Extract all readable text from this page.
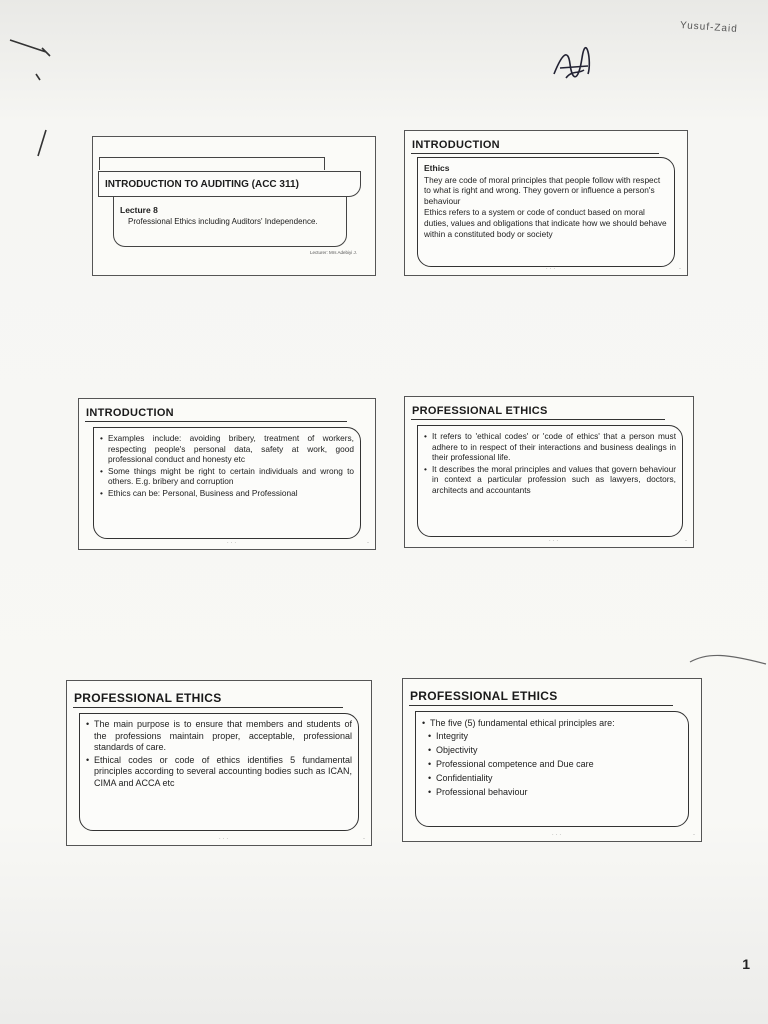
Yusuf-Zaid
INTRODUCTION TO AUDITING (ACC 311)
Lecture 8
Professional Ethics including Auditors' Independence.
Lecturer: Mrs Adebiyi J.
INTRODUCTION
Ethics

They are code of moral principles that people follow with respect to what is right and wrong. They govern or influence a person's behaviour

Ethics refers to a system or code of conduct based on moral duties, values and obligations that indicate how we should behave within a constituted body or society

···	·
INTRODUCTION
• Examples include: avoiding bribery, treatment of workers, respecting people's personal data, safety at work, good professional conduct and honesty etc
• Some things might be right to certain individuals and wrong to others. E.g. bribery and corruption
• Ethics can be: Personal, Business and Professional
···	·
PROFESSIONAL ETHICS
• It refers to 'ethical codes' or 'code of ethics' that a person must adhere to in respect of their interactions and business dealings in their professional life.
• It describes the moral principles and values that govern behaviour in context a particular profession such as lawyers, doctors, architects and accountants
···	·
PROFESSIONAL ETHICS
• The main purpose is to ensure that members and students of the professions maintain proper, acceptable, professional standards of care.
• Ethical codes or code of ethics identifies 5 fundamental principles according to several accounting bodies such as ICAN, CIMA and ACCA etc
···	·
PROFESSIONAL ETHICS
• The five (5) fundamental ethical principles are:
• Integrity
• Objectivity
• Professional competence and Due care
• Confidentiality
• Professional behaviour
···	·
1
